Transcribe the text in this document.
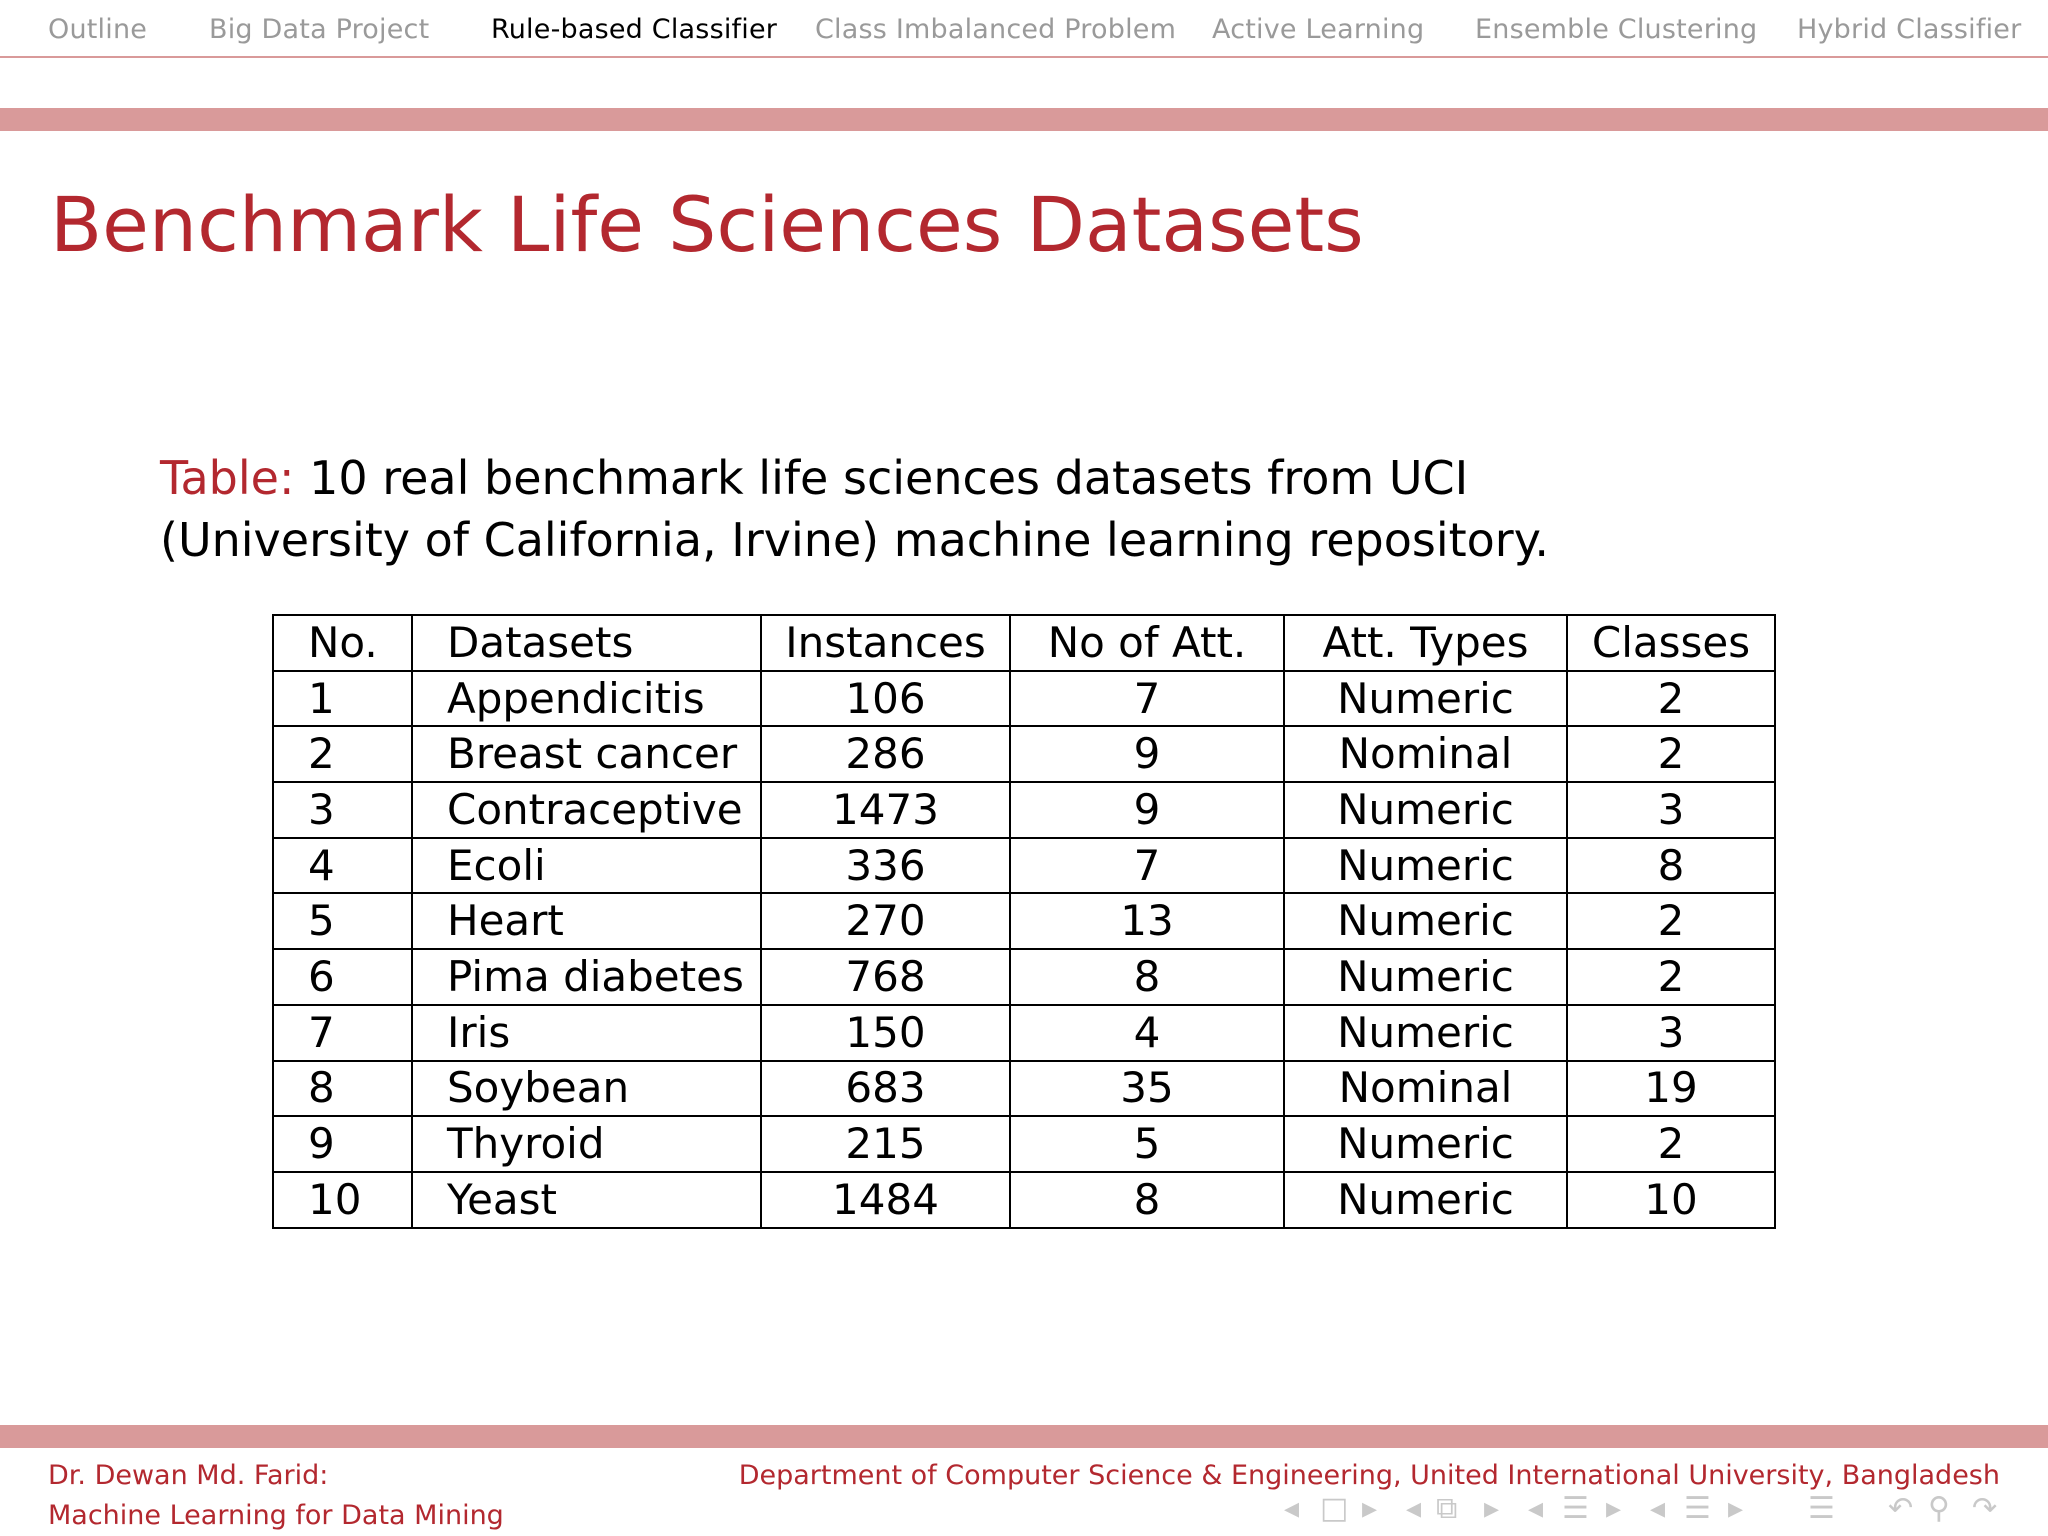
Outline Big Data Project Rule-based Classifier Class Imbalanced Problem Active Learning Ensemble Clustering Hybrid Classifier
Benchmark Life Sciences Datasets

Table: 10 real benchmark life sciences datasets from UCI (University of California, Irvine) machine learning repository.

No.	Datasets	Instances	No of Att.	Att. Types	Classes
1	Appendicitis	106	7	Numeric	2
2	Breast cancer	286	9	Nominal	2
3	Contraceptive	1473	9	Numeric	3
4	Ecoli	336	7	Numeric	8
5	Heart	270	13	Numeric	2
6	Pima diabetes	768	8	Numeric	2
7	Iris	150	4	Numeric	3
8	Soybean	683	35	Nominal	19
9	Thyroid	215	5	Numeric	2
10	Yeast	1484	8	Numeric	10
Dr. Dewan Md. Farid:
Machine Learning for Data Mining
Department of Computer Science & Engineering, United International University, Bangladesh
◂ □ ▸ ◂ ⧉ ▸ ◂ ☰ ▸ ◂ ☰ ▸ ☰ ↶ ⚲ ↷
